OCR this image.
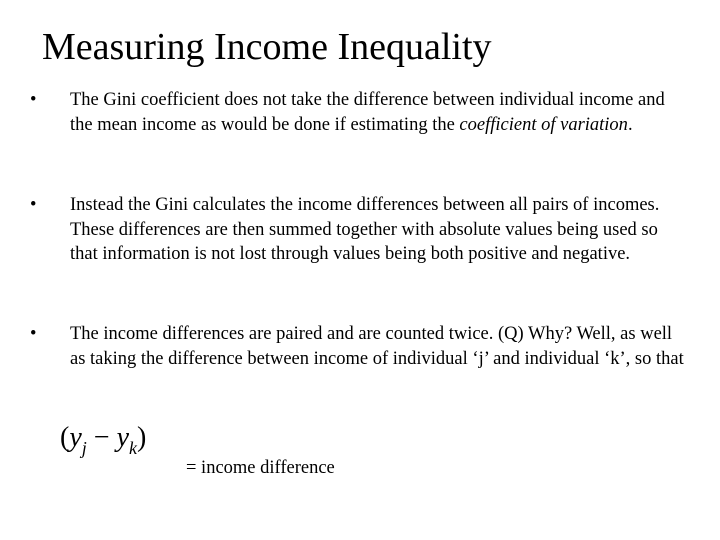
Measuring Income Inequality
•	The Gini coefficient does not take the difference between individual income and the mean income as would be done if estimating the coefficient of variation.
•	Instead the Gini calculates the income differences between all pairs of incomes. These differences are then summed together with absolute values being used so that information is not lost through values being both positive and negative.
•	The income differences are paired and are counted twice. (Q) Why? Well, as well as taking the difference between income of individual ‘j’ and individual ‘k’, so that
$(y_j - y_k)$
= income difference
